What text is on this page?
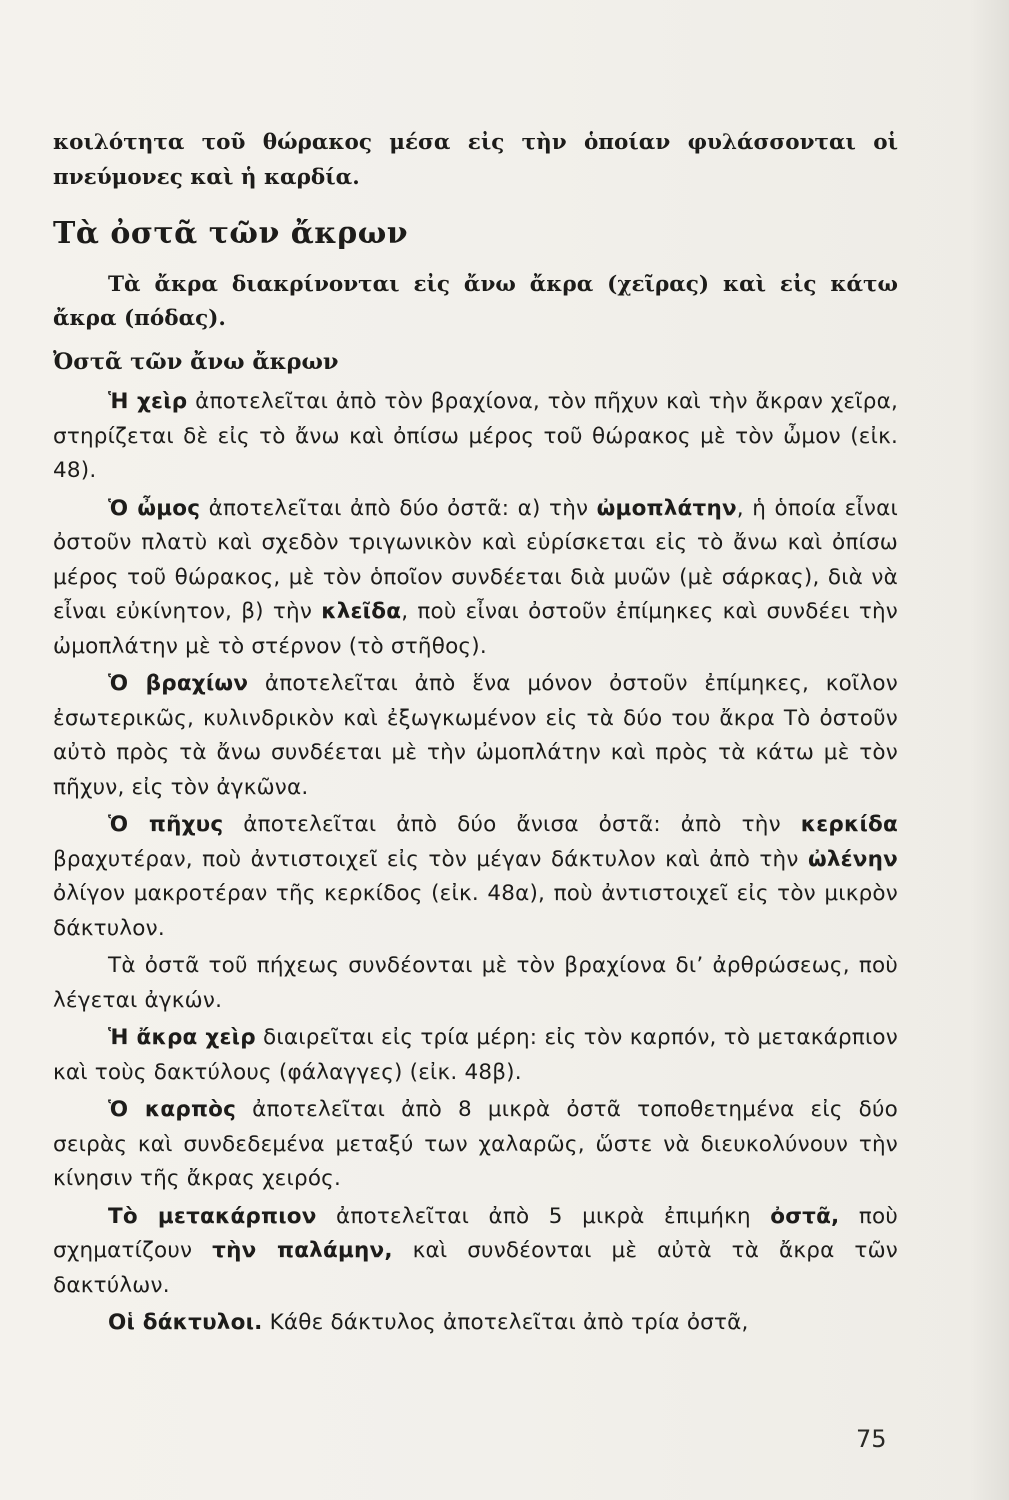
κοιλότητα τοῦ θώρακος μέσα εἰς τὴν ὁποίαν φυλάσσονται οἱ πνεύμονες καὶ ἡ καρδία.

Τὰ ὀστᾶ τῶν ἄκρων

Τὰ ἄκρα διακρίνονται εἰς ἄνω ἄκρα (χεῖρας) καὶ εἰς κάτω ἄκρα (πόδας).

Ὀστᾶ τῶν ἄνω ἄκρων

Ἡ χεὶρ ἀποτελεῖται ἀπὸ τὸν βραχίονα, τὸν πῆχυν καὶ τὴν ἄκραν χεῖρα, στηρίζεται δὲ εἰς τὸ ἄνω καὶ ὀπίσω μέρος τοῦ θώρακος μὲ τὸν ὦμον (εἰκ. 48).

Ὁ ὦμος ἀποτελεῖται ἀπὸ δύο ὀστᾶ: α) τὴν ὠμοπλάτην, ἡ ὁποία εἶναι ὀστοῦν πλατὺ καὶ σχεδὸν τριγωνικὸν καὶ εὑρίσκεται εἰς τὸ ἄνω καὶ ὀπίσω μέρος τοῦ θώρακος, μὲ τὸν ὁποῖον συνδέεται διὰ μυῶν (μὲ σάρκας), διὰ νὰ εἶναι εὐκίνητον, β) τὴν κλεῖδα, ποὺ εἶναι ὀστοῦν ἐπίμηκες καὶ συνδέει τὴν ὠμοπλάτην μὲ τὸ στέρνον (τὸ στῆθος).

Ὁ βραχίων ἀποτελεῖται ἀπὸ ἕνα μόνον ὀστοῦν ἐπίμηκες, κοῖλον ἐσωτερικῶς, κυλινδρικὸν καὶ ἐξωγκωμένον εἰς τὰ δύο του ἄκρα Τὸ ὀστοῦν αὐτὸ πρὸς τὰ ἄνω συνδέεται μὲ τὴν ὠμοπλάτην καὶ πρὸς τὰ κάτω μὲ τὸν πῆχυν, εἰς τὸν ἀγκῶνα.

Ὁ πῆχυς ἀποτελεῖται ἀπὸ δύο ἄνισα ὀστᾶ: ἀπὸ τὴν κερκίδα βραχυτέραν, ποὺ ἀντιστοιχεῖ εἰς τὸν μέγαν δάκτυλον καὶ ἀπὸ τὴν ὠλένην ὀλίγον μακροτέραν τῆς κερκίδος (εἰκ. 48α), ποὺ ἀντιστοιχεῖ εἰς τὸν μικρὸν δάκτυλον.

Τὰ ὀστᾶ τοῦ πήχεως συνδέονται μὲ τὸν βραχίονα δι’ ἀρθρώσεως, ποὺ λέγεται ἀγκών.

Ἡ ἄκρα χεὶρ διαιρεῖται εἰς τρία μέρη: εἰς τὸν καρπόν, τὸ μετακάρπιον καὶ τοὺς δακτύλους (φάλαγγες) (εἰκ. 48β).

Ὁ καρπὸς ἀποτελεῖται ἀπὸ 8 μικρὰ ὀστᾶ τοποθετημένα εἰς δύο σειρὰς καὶ συνδεδεμένα μεταξύ των χαλαρῶς, ὥστε νὰ διευκολύνουν τὴν κίνησιν τῆς ἄκρας χειρός.

Τὸ μετακάρπιον ἀποτελεῖται ἀπὸ 5 μικρὰ ἐπιμήκη ὀστᾶ, ποὺ σχηματίζουν τὴν παλάμην, καὶ συνδέονται μὲ αὐτὰ τὰ ἄκρα τῶν δακτύλων.

Οἱ δάκτυλοι. Κάθε δάκτυλος ἀποτελεῖται ἀπὸ τρία ὀστᾶ,

75
